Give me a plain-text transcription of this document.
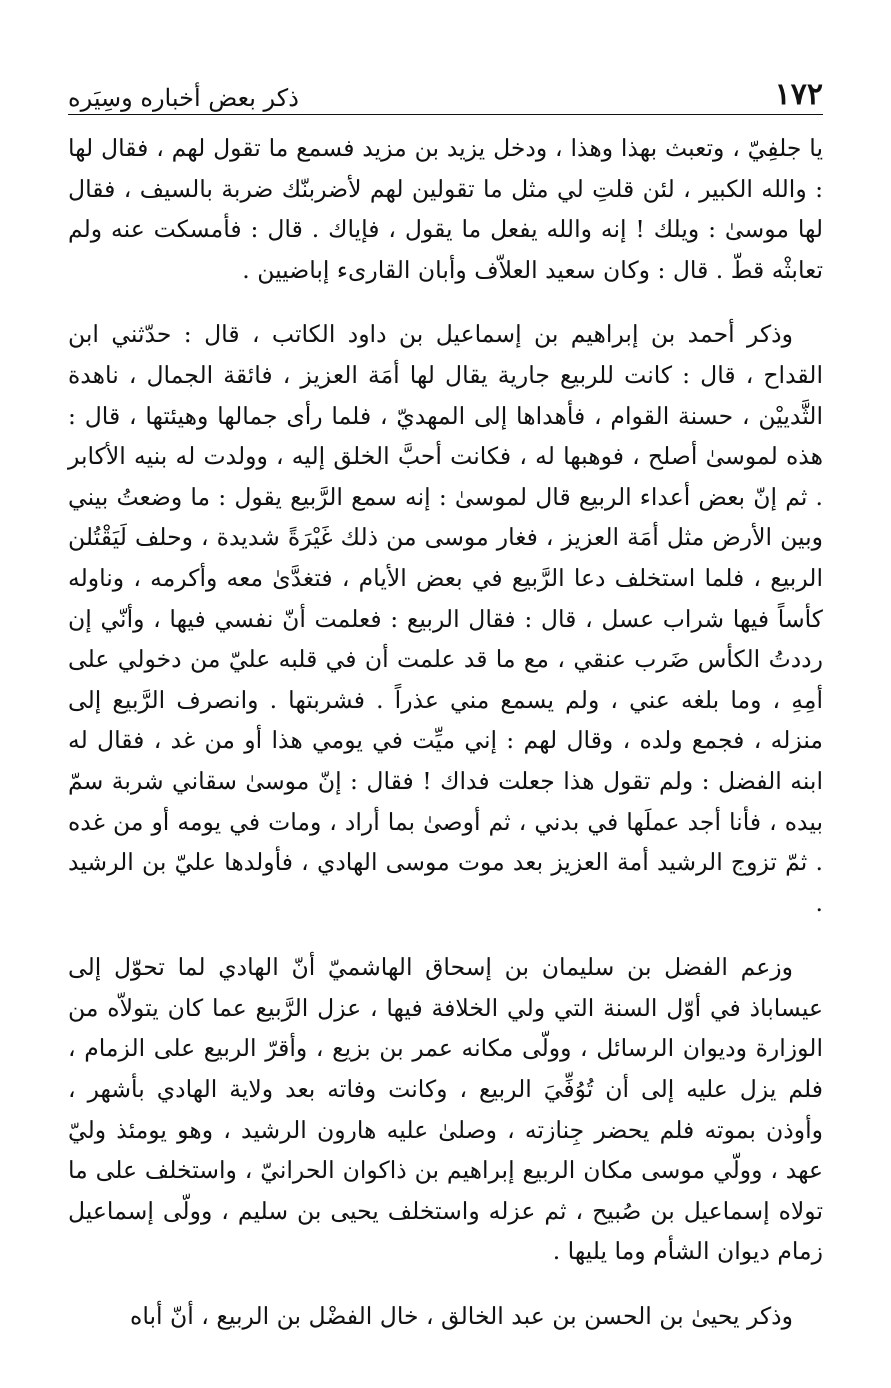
١٧٢
ذكر بعض أخباره وسِيَره

يا جلفِيّ ، وتعبث بهذا وهذا ، ودخل يزيد بن مزيد فسمع ما تقول لهم ، فقال لها : والله الكبير ، لئن قلتِ لي مثل ما تقولين لهم لأضربنّك ضربة بالسيف ، فقال لها موسىٰ : ويلك ! إنه والله يفعل ما يقول ، فإياك . قال : فأمسكت عنه ولم تعابثْه قطّ . قال : وكان سعيد العلاّف وأبان القارىء إباضيين .

وذكر أحمد بن إبراهيم بن إسماعيل بن داود الكاتب ، قال : حدّثني ابن القداح ، قال : كانت للربيع جارية يقال لها أمَة العزيز ، فائقة الجمال ، ناهدة الثَّدييْن ، حسنة القوام ، فأهداها إلى المهديّ ، فلما رأى جمالها وهيئتها ، قال : هذه لموسىٰ أصلح ، فوهبها له ، فكانت أحبَّ الخلق إليه ، وولدت له بنيه الأكابر . ثم إنّ بعض أعداء الربيع قال لموسىٰ : إنه سمع الرَّبيع يقول : ما وضعتُ بيني وبين الأرض مثل أمَة العزيز ، فغار موسى من ذلك غَيْرَةً شديدة ، وحلف لَيَقْتُلن الربيع ، فلما استخلف دعا الرَّبيع في بعض الأيام ، فتغدَّىٰ معه وأكرمه ، وناوله كأساً فيها شراب عسل ، قال : فقال الربيع : فعلمت أنّ نفسي فيها ، وأنّي إن رددتُ الكأس ضَرب عنقي ، مع ما قد علمت أن في قلبه عليّ من دخولي على أمِهِ ، وما بلغه عني ، ولم يسمع مني عذراً . فشربتها . وانصرف الرَّبيع إلى منزله ، فجمع ولده ، وقال لهم : إني ميِّت في يومي هذا أو من غد ، فقال له ابنه الفضل : ولم تقول هذا جعلت فداك ! فقال : إنّ موسىٰ سقاني شربة سمّ بيده ، فأنا أجد عملَها في بدني ، ثم أوصىٰ بما أراد ، ومات في يومه أو من غده . ثمّ تزوج الرشيد أمة العزيز بعد موت موسى الهادي ، فأولدها عليّ بن الرشيد .

وزعم الفضل بن سليمان بن إسحاق الهاشميّ أنّ الهادي لما تحوّل إلى عيساباذ في أوّل السنة التي ولي الخلافة فيها ، عزل الرَّبيع عما كان يتولاّه من الوزارة وديوان الرسائل ، وولّى مكانه عمر بن بزيع ، وأقرّ الربيع على الزمام ، فلم يزل عليه إلى أن تُوُفِّيَ الربيع ، وكانت وفاته بعد ولاية الهادي بأشهر ، وأوذن بموته فلم يحضر جِنازته ، وصلىٰ عليه هارون الرشيد ، وهو يومئذ وليّ عهد ، وولّي موسى مكان الربيع إبراهيم بن ذاكوان الحرانيّ ، واستخلف على ما تولاه إسماعيل بن صُبيح ، ثم عزله واستخلف يحيى بن سليم ، وولّى إسماعيل زمام ديوان الشأم وما يليها .

وذكر يحيىٰ بن الحسن بن عبد الخالق ، خال الفضْل بن الربيع ، أنّ أباه
